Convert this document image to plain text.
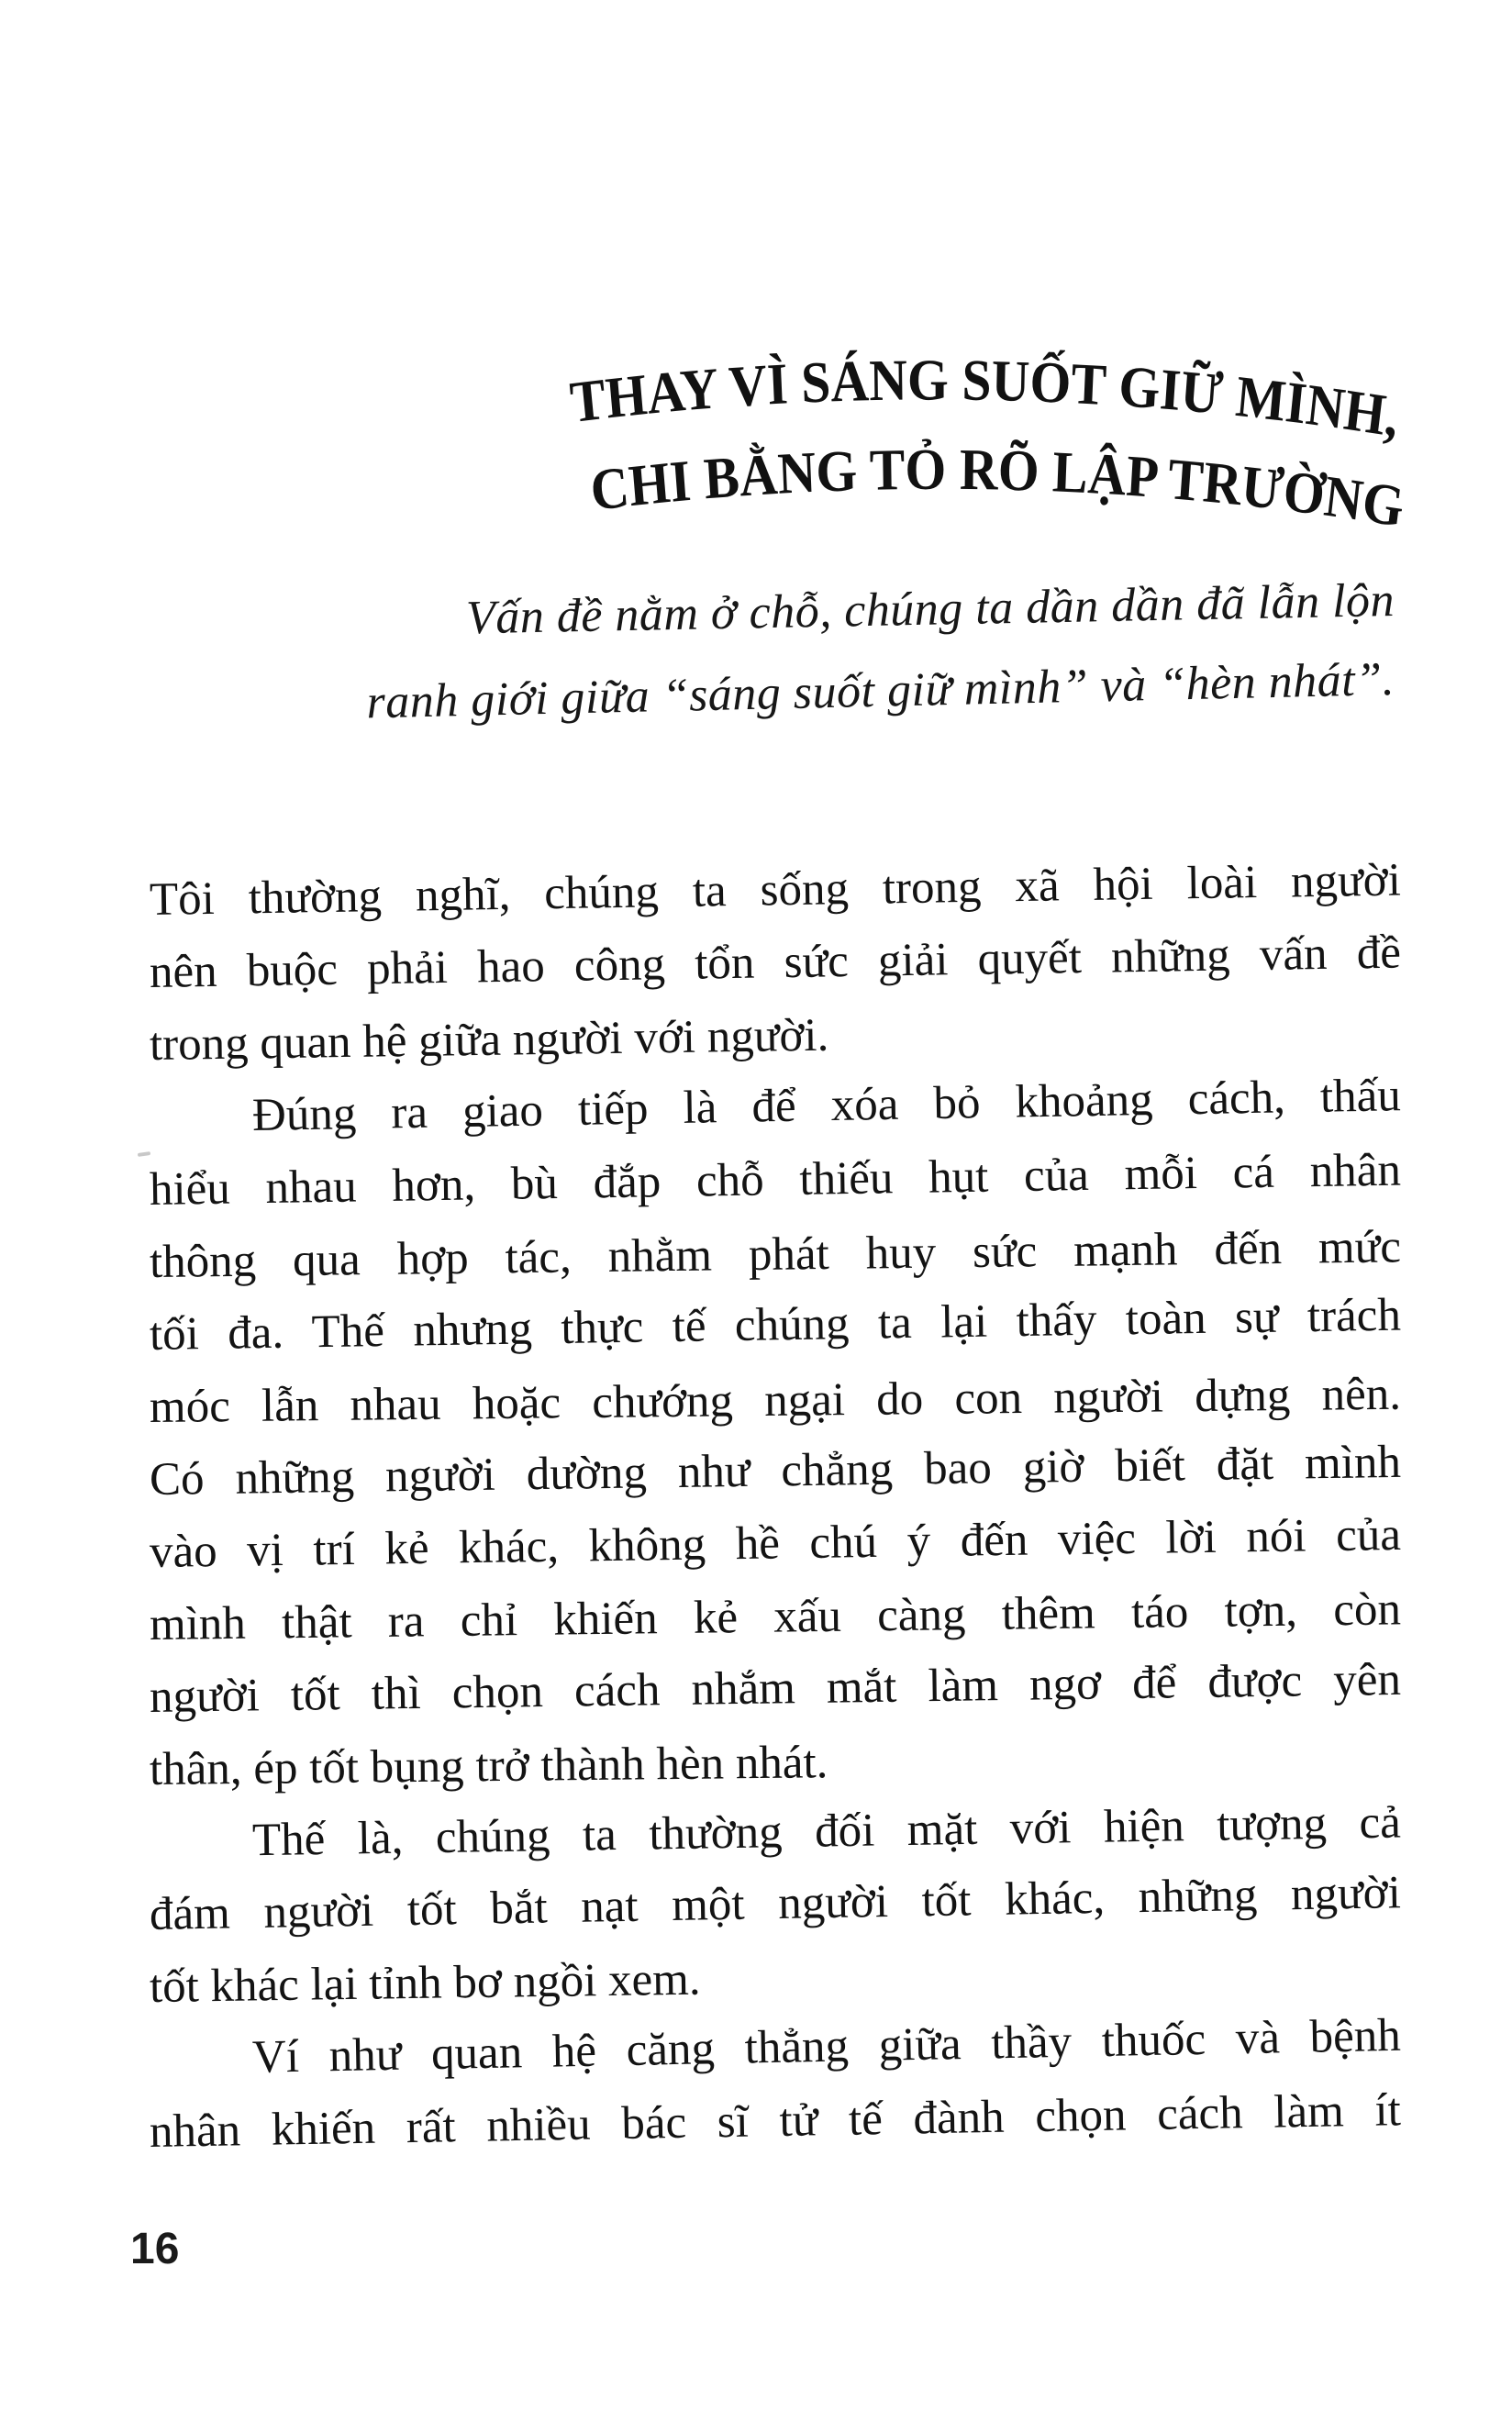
THAY VÌ SÁNG SUỐT GIỮ MÌNH,
CHI BẰNG TỎ RÕ LẬP TRƯỜNG
Vấn đề nằm ở chỗ, chúng ta dần dần đã lẫn lộn
ranh giới giữa “sáng suốt giữ mình” và “hèn nhát”.
Tôi thường nghĩ, chúng ta sống trong xã hội loài người
nên buộc phải hao công tổn sức giải quyết những vấn đề
trong quan hệ giữa người với người.
Đúng ra giao tiếp là để xóa bỏ khoảng cách, thấu
hiểu nhau hơn, bù đắp chỗ thiếu hụt của mỗi cá nhân
thông qua hợp tác, nhằm phát huy sức mạnh đến mức
tối đa. Thế nhưng thực tế chúng ta lại thấy toàn sự trách
móc lẫn nhau hoặc chướng ngại do con người dựng nên.
Có những người dường như chẳng bao giờ biết đặt mình
vào vị trí kẻ khác, không hề chú ý đến việc lời nói của
mình thật ra chỉ khiến kẻ xấu càng thêm táo tợn, còn
người tốt thì chọn cách nhắm mắt làm ngơ để được yên
thân, ép tốt bụng trở thành hèn nhát.
Thế là, chúng ta thường đối mặt với hiện tượng cả
đám người tốt bắt nạt một người tốt khác, những người
tốt khác lại tỉnh bơ ngồi xem.
Ví như quan hệ căng thẳng giữa thầy thuốc và bệnh
nhân khiến rất nhiều bác sĩ tử tế đành chọn cách làm ít
16
